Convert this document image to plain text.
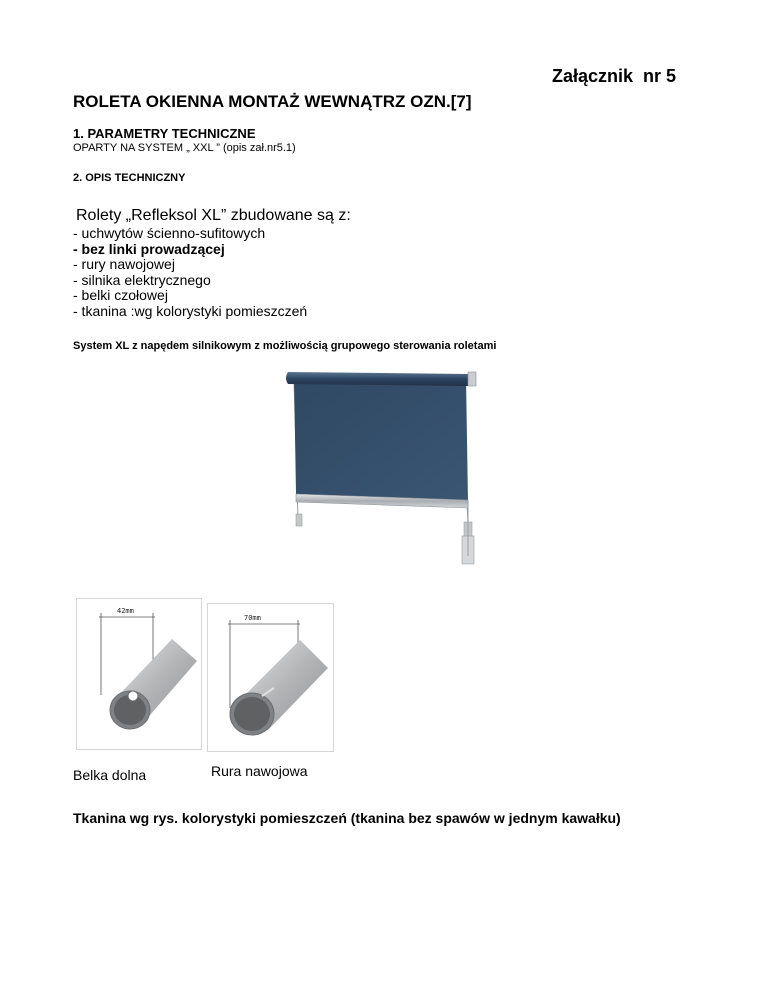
Załącznik  nr 5
ROLETA OKIENNA MONTAŻ WEWNĄTRZ OZN.[7]
1. PARAMETRY TECHNICZNE
OPARTY NA SYSTEM „ XXL ” (opis zał.nr5.1)
2. OPIS TECHNICZNY
Rolety „Refleksol XL” zbudowane są z:
- uchwytów ścienno-sufitowych
- bez linki prowadzącej
- rury nawojowej
- silnika elektrycznego
- belki czołowej
- tkanina :wg kolorystyki pomieszczeń
System XL z napędem silnikowym z możliwością grupowego sterowania roletami
42mm
Belka dolna
70mm
Rura nawojowa
Tkanina wg rys. kolorystyki pomieszczeń (tkanina bez spawów w jednym kawałku)
